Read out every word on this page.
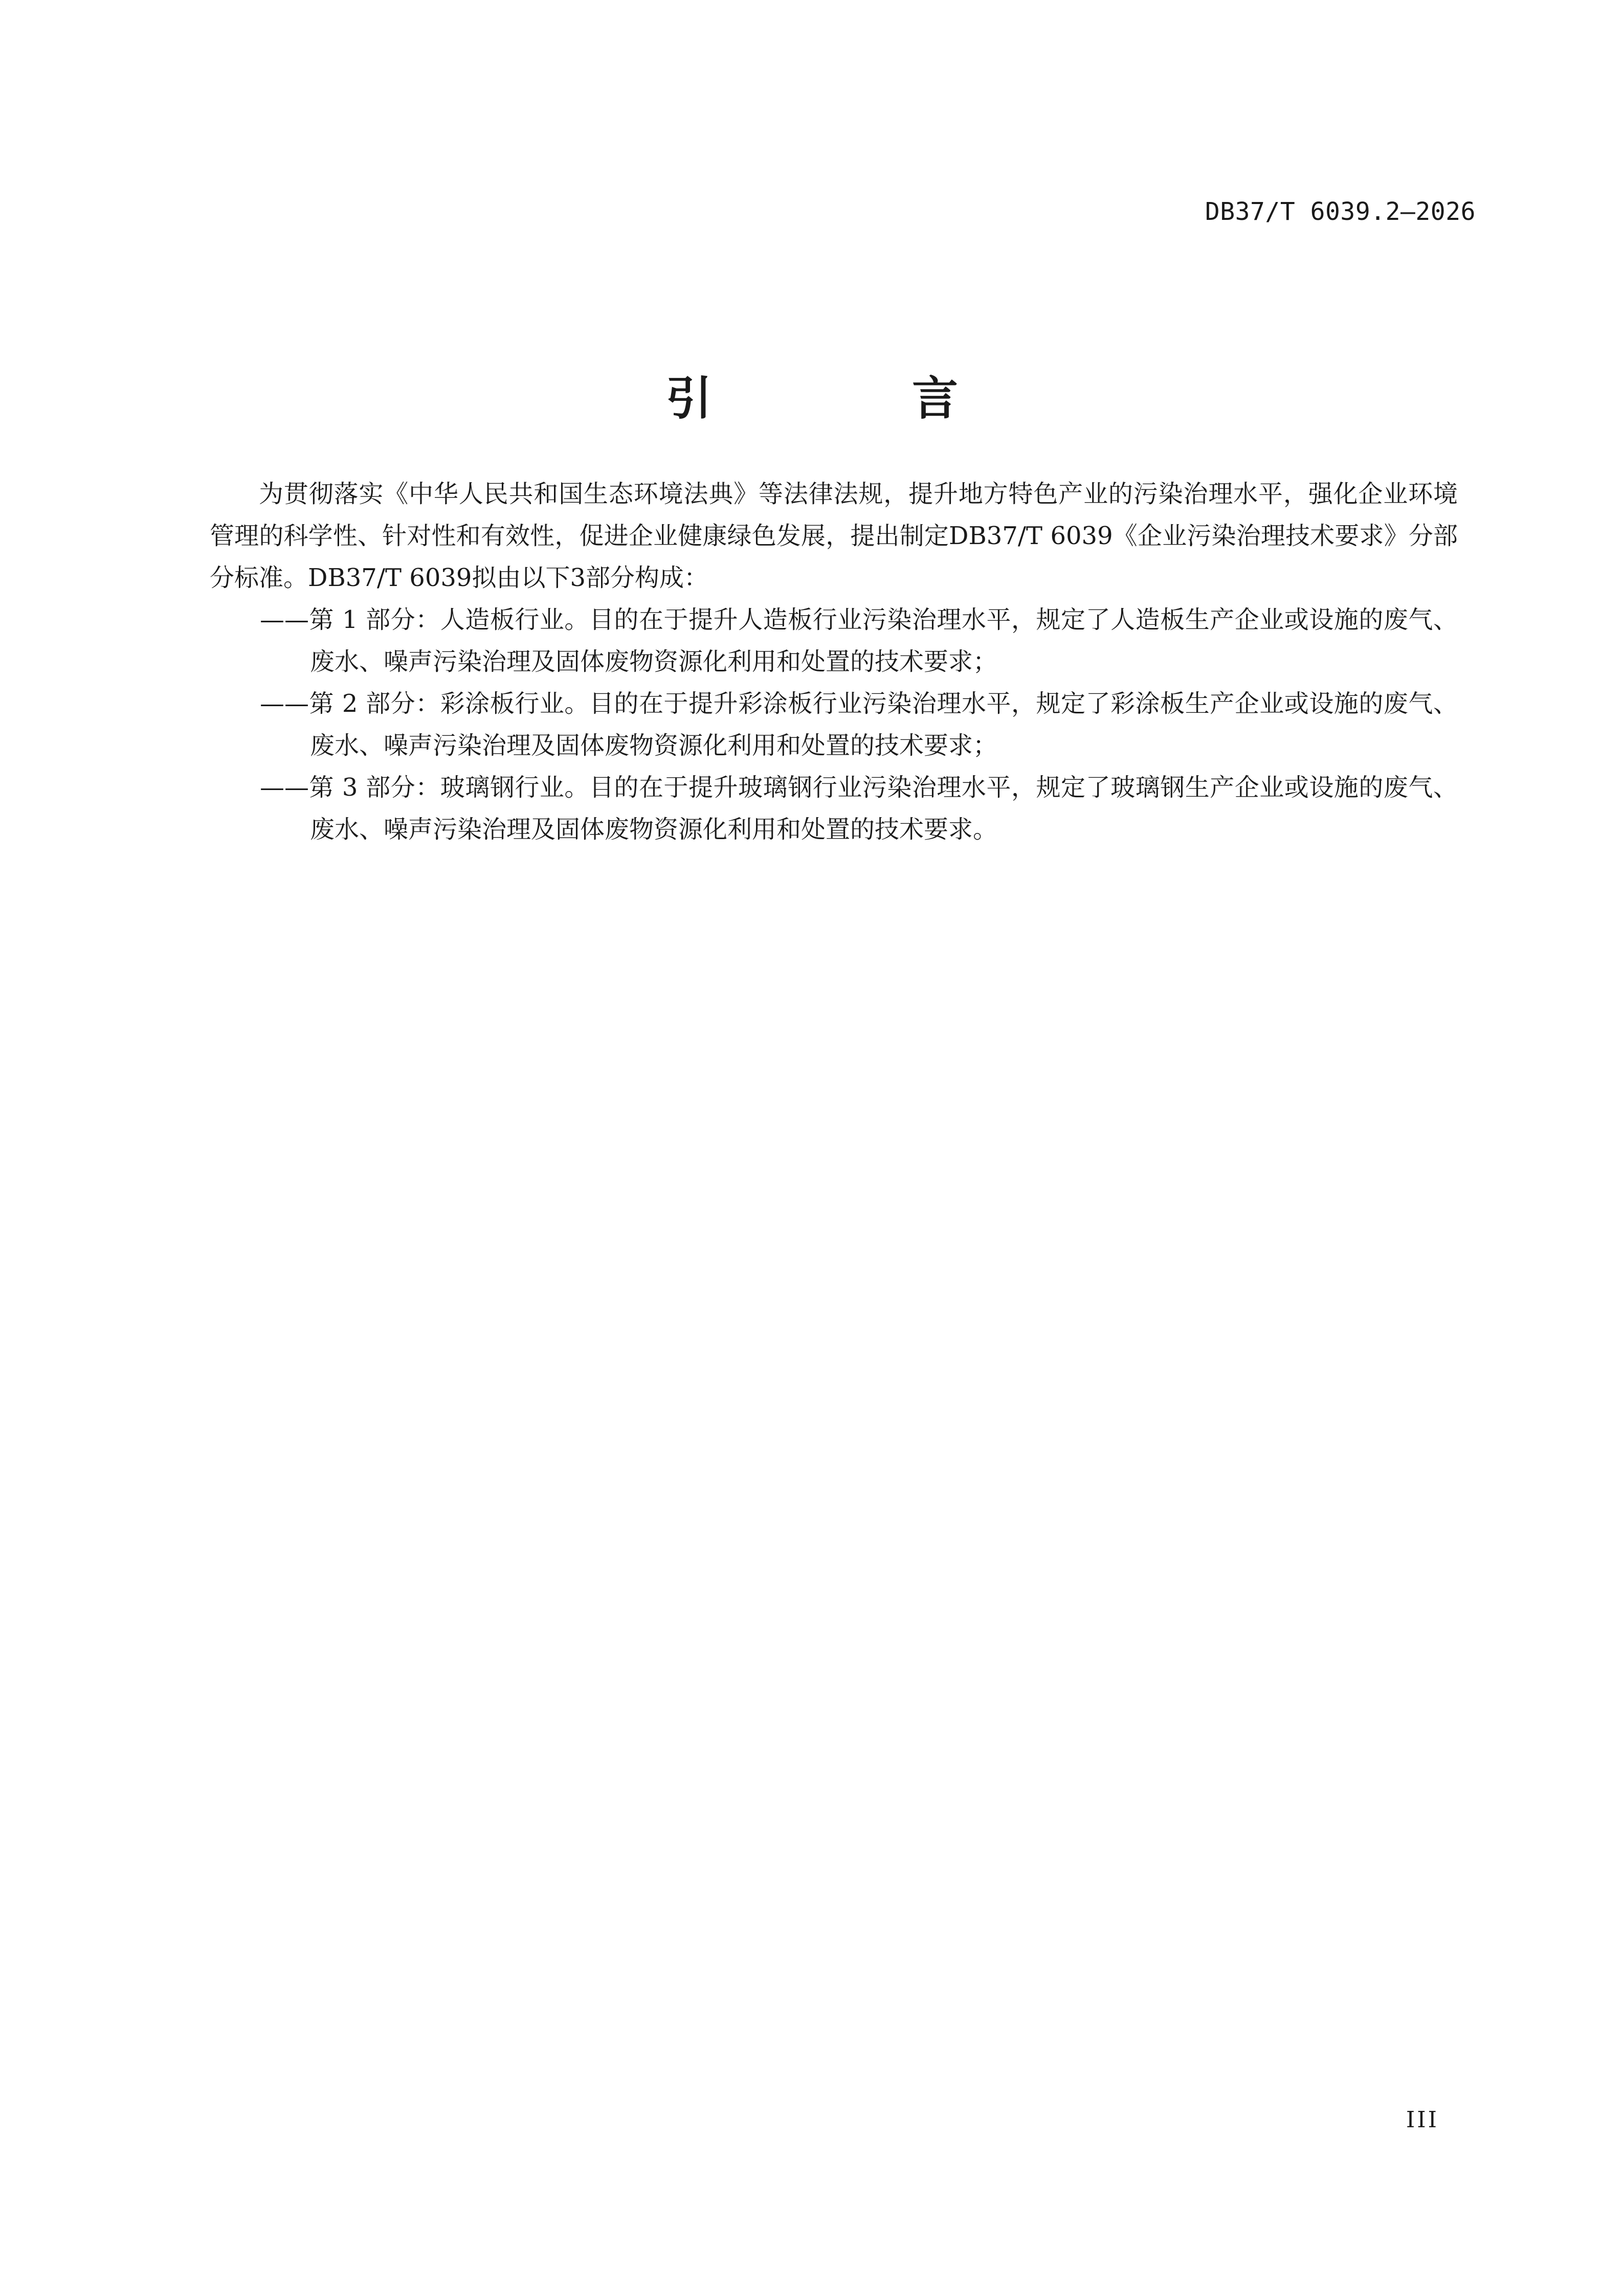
DB37/T 6039.2—2026
引 言

为贯彻落实《中华人民共和国生态环境法典》等法律法规，提升地方特色产业的污染治理水平，强化企业环境管理的科学性、针对性和有效性，促进企业健康绿色发展，提出制定DB37/T 6039《企业污染治理技术要求》分部分标准。DB37/T 6039拟由以下3部分构成：

——第 1 部分：人造板行业。目的在于提升人造板行业污染治理水平，规定了人造板生产企业或设施的废气、废水、噪声污染治理及固体废物资源化利用和处置的技术要求；
——第 2 部分：彩涂板行业。目的在于提升彩涂板行业污染治理水平，规定了彩涂板生产企业或设施的废气、废水、噪声污染治理及固体废物资源化利用和处置的技术要求；
——第 3 部分：玻璃钢行业。目的在于提升玻璃钢行业污染治理水平，规定了玻璃钢生产企业或设施的废气、废水、噪声污染治理及固体废物资源化利用和处置的技术要求。
III
